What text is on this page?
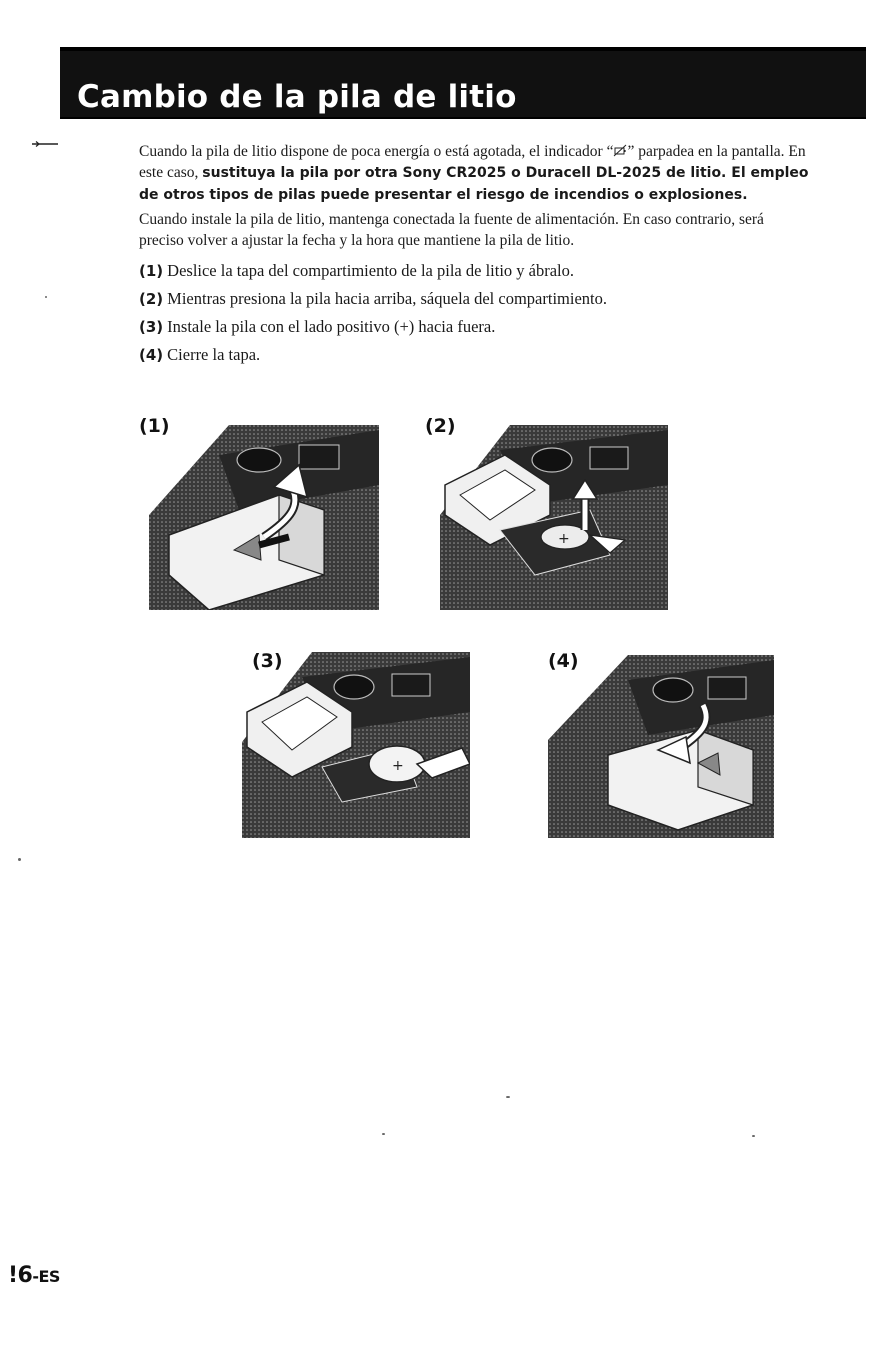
Cambio de la pila de litio

Cuando la pila de litio dispone de poca energía o está agotada, el indicador “ ” parpadea en la pantalla. En este caso, sustituya la pila por otra Sony CR2025 o Duracell DL-2025 de litio. El empleo de otros tipos de pilas puede presentar el riesgo de incendios o explosiones.

Cuando instale la pila de litio, mantenga conectada la fuente de alimentación. En caso contrario, será preciso volver a ajustar la fecha y la hora que mantiene la pila de litio.

(1) Deslice la tapa del compartimiento de la pila de litio y ábralo.

(2) Mientras presiona la pila hacia arriba, sáquela del compartimiento.

(3) Instale la pila con el lado positivo (+) hacia fuera.

(4) Cierre la tapa.

(1)	(2)
+
(3)
+
(4)
!6-ES
